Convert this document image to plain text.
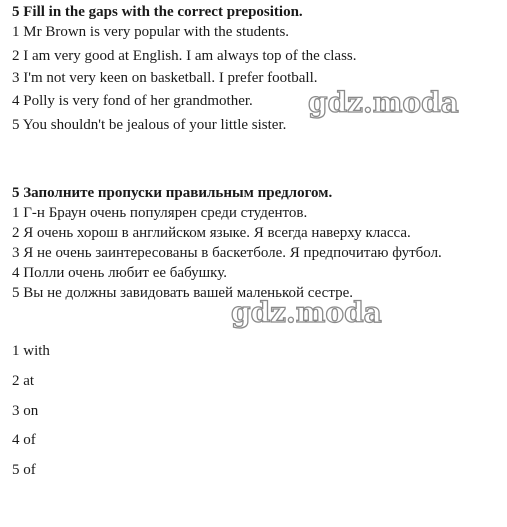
5 Fill in the gaps with the correct preposition.
1 Mr Brown is very popular with the students.
2 I am very good at English. I am always top of the class.
3 I'm not very keen on basketball. I prefer football.
4 Polly is very fond of her grandmother.
5 You shouldn't be jealous of your little sister.
gdz.moda
5 Заполните пропуски правильным предлогом.
1 Г-н Браун очень популярен среди студентов.
2 Я очень хорош в английском языке. Я всегда наверху класса.
3 Я не очень заинтересованы в баскетболе. Я предпочитаю футбол.
4 Полли очень любит ее бабушку.
5 Вы не должны завидовать вашей маленькой сестре.
gdz.moda
1 with
2 at
3 on
4 of
5 of
